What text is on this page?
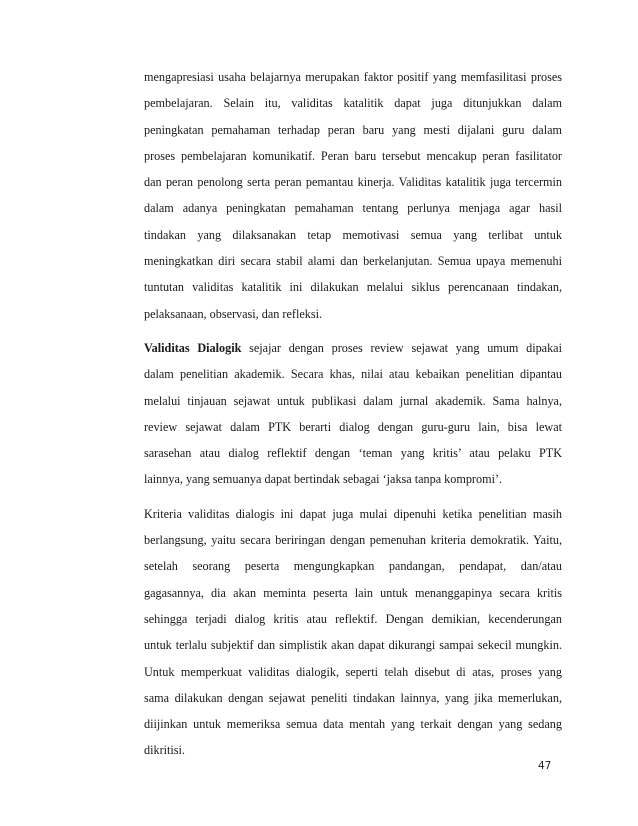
mengapresiasi usaha belajarnya merupakan faktor positif yang memfasilitasi proses
pembelajaran. Selain itu, validitas katalitik dapat juga ditunjukkan dalam
peningkatan pemahaman terhadap peran baru yang mesti dijalani guru dalam
proses pembelajaran komunikatif. Peran baru tersebut mencakup peran fasilitator
dan peran penolong serta peran pemantau kinerja. Validitas katalitik juga tercermin
dalam adanya peningkatan pemahaman tentang perlunya menjaga agar hasil
tindakan yang dilaksanakan tetap memotivasi semua yang terlibat untuk
meningkatkan diri secara stabil alami dan berkelanjutan. Semua upaya memenuhi
tuntutan validitas katalitik ini dilakukan melalui siklus perencanaan tindakan,
pelaksanaan, observasi, dan refleksi.

Validitas Dialogik sejajar dengan proses review sejawat yang umum dipakai
dalam penelitian akademik. Secara khas, nilai atau kebaikan penelitian dipantau
melalui tinjauan sejawat untuk publikasi dalam jurnal akademik. Sama halnya,
review sejawat dalam PTK berarti dialog dengan guru-guru lain, bisa lewat
sarasehan atau dialog reflektif dengan ‘teman yang kritis’ atau pelaku PTK
lainnya, yang semuanya dapat bertindak sebagai ‘jaksa tanpa kompromi’.

Kriteria validitas dialogis ini dapat juga mulai dipenuhi ketika penelitian masih
berlangsung, yaitu secara beriringan dengan pemenuhan kriteria demokratik. Yaitu,
setelah seorang peserta mengungkapkan pandangan, pendapat, dan/atau
gagasannya, dia akan meminta peserta lain untuk menanggapinya secara kritis
sehingga terjadi dialog kritis atau reflektif. Dengan demikian, kecenderungan
untuk terlalu subjektif dan simplistik akan dapat dikurangi sampai sekecil mungkin.
Untuk memperkuat validitas dialogik, seperti telah disebut di atas, proses yang
sama dilakukan dengan sejawat peneliti tindakan lainnya, yang jika memerlukan,
diijinkan untuk memeriksa semua data mentah yang terkait dengan yang sedang
dikritisi.

47
